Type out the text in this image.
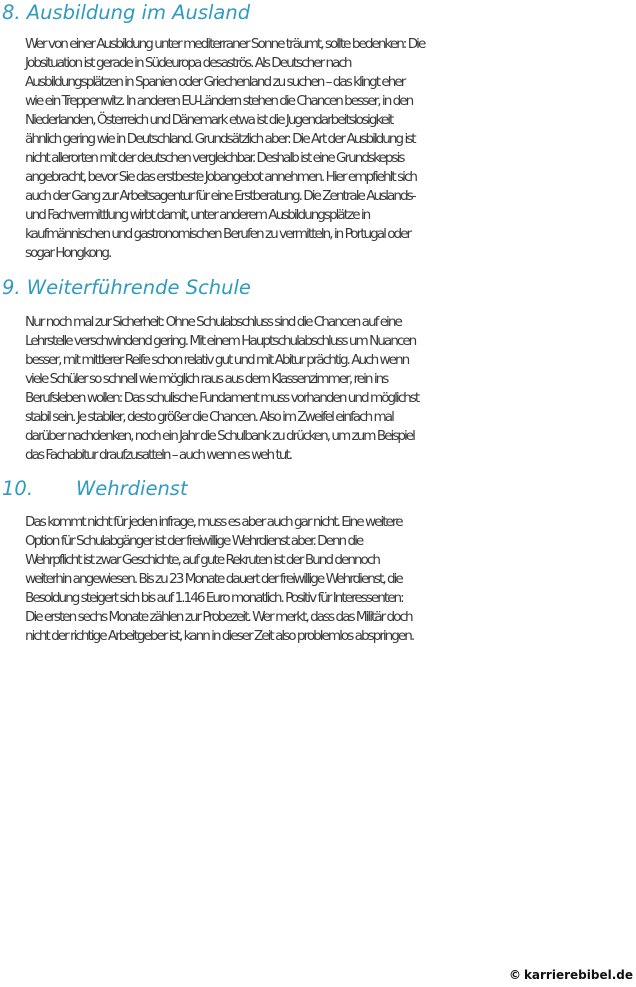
8. Ausbildung im Ausland
Wer von einer Ausbildung unter mediterraner Sonne träumt, sollte bedenken: Die
Jobsituation ist gerade in Südeuropa desaströs. Als Deutscher nach
Ausbildungsplätzen in Spanien oder Griechenland zu suchen – das klingt eher
wie ein Treppenwitz. In anderen EU-Ländern stehen die Chancen besser, in den
Niederlanden, Österreich und Dänemark etwa ist die Jugendarbeitslosigkeit
ähnlich gering wie in Deutschland. Grundsätzlich aber: Die Art der Ausbildung ist
nicht allerorten mit der deutschen vergleichbar. Deshalb ist eine Grundskepsis
angebracht, bevor Sie das erstbeste Jobangebot annehmen. Hier empfiehlt sich
auch der Gang zur Arbeitsagentur für eine Erstberatung. Die Zentrale Auslands-
und Fachvermittlung wirbt damit, unter anderem Ausbildungsplätze in
kaufmännischen und gastronomischen Berufen zu vermitteln, in Portugal oder
sogar Hongkong.
9. Weiterführende Schule
Nur noch mal zur Sicherheit: Ohne Schulabschluss sind die Chancen auf eine
Lehrstelle verschwindend gering. Mit einem Hauptschulabschluss um Nuancen
besser, mit mittlerer Reife schon relativ gut und mit Abitur prächtig. Auch wenn
viele Schüler so schnell wie möglich raus aus dem Klassenzimmer, rein ins
Berufsleben wollen: Das schulische Fundament muss vorhanden und möglichst
stabil sein. Je stabiler, desto größer die Chancen. Also im Zweifel einfach mal
darüber nachdenken, noch ein Jahr die Schulbank zu drücken, um zum Beispiel
das Fachabitur draufzusatteln – auch wenn es weh tut.
10. Wehrdienst
Das kommt nicht für jeden infrage, muss es aber auch gar nicht. Eine weitere
Option für Schulabgänger ist der freiwillige Wehrdienst aber. Denn die
Wehrpflicht ist zwar Geschichte, auf gute Rekruten ist der Bund dennoch
weiterhin angewiesen. Bis zu 23 Monate dauert der freiwillige Wehrdienst, die
Besoldung steigert sich bis auf 1.146 Euro monatlich. Positiv für Interessenten:
Die ersten sechs Monate zählen zur Probezeit. Wer merkt, dass das Militär doch
nicht der richtige Arbeitgeber ist, kann in dieser Zeit also problemlos abspringen.
© karrierebibel.de
